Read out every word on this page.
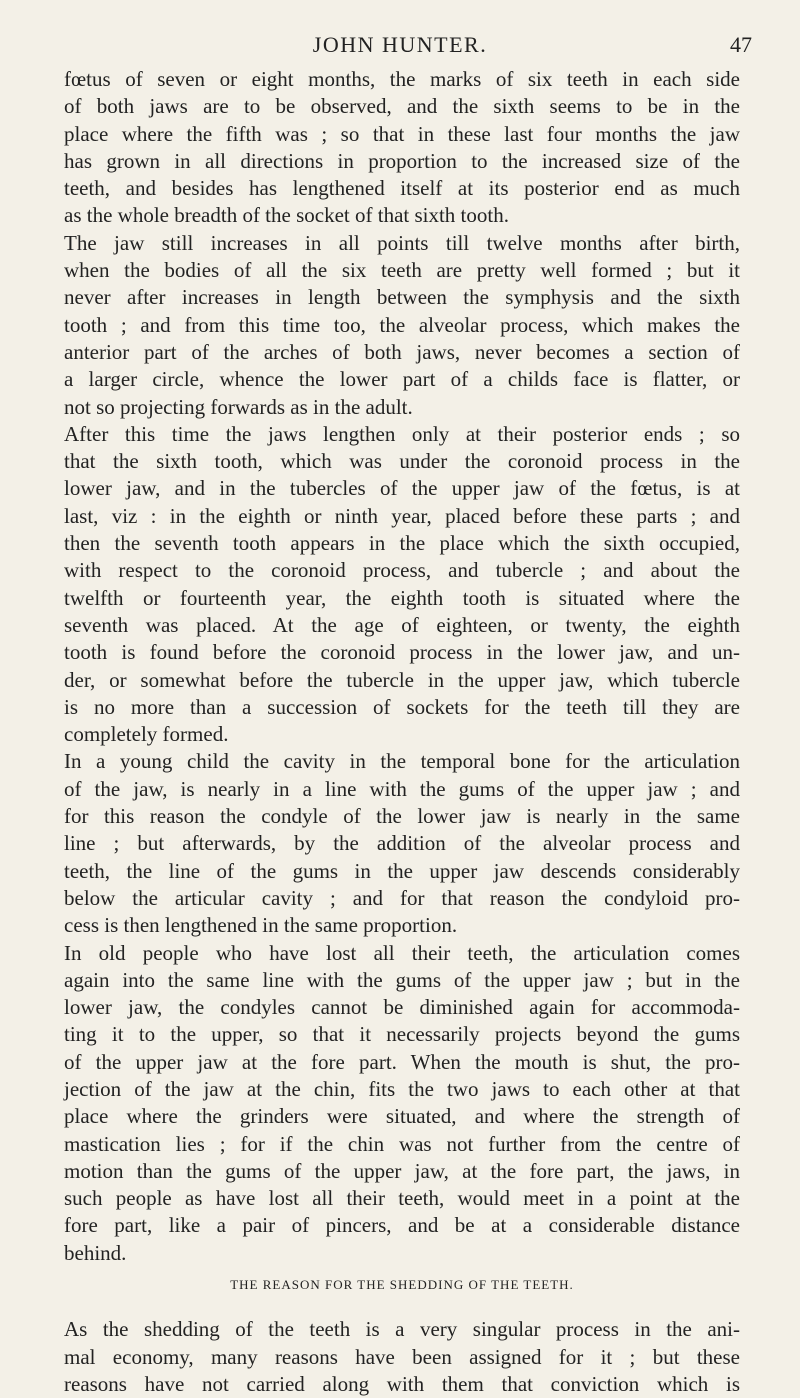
JOHN HUNTER.	47
fœtus of seven or eight months, the marks of six teeth in each side
of both jaws are to be observed, and the sixth seems to be in the
place where the fifth was ; so that in these last four months the jaw
has grown in all directions in proportion to the increased size of the
teeth, and besides has lengthened itself at its posterior end as much
as the whole breadth of the socket of that sixth tooth.
The jaw still increases in all points till twelve months after birth,
when the bodies of all the six teeth are pretty well formed ; but it
never after increases in length between the symphysis and the sixth
tooth ; and from this time too, the alveolar process, which makes the
anterior part of the arches of both jaws, never becomes a section of
a larger circle, whence the lower part of a childs face is flatter, or
not so projecting forwards as in the adult.
After this time the jaws lengthen only at their posterior ends ; so
that the sixth tooth, which was under the coronoid process in the
lower jaw, and in the tubercles of the upper jaw of the fœtus, is at
last, viz : in the eighth or ninth year, placed before these parts ; and
then the seventh tooth appears in the place which the sixth occupied,
with respect to the coronoid process, and tubercle ; and about the
twelfth or fourteenth year, the eighth tooth is situated where the
seventh was placed. At the age of eighteen, or twenty, the eighth
tooth is found before the coronoid process in the lower jaw, and un-
der, or somewhat before the tubercle in the upper jaw, which tubercle
is no more than a succession of sockets for the teeth till they are
completely formed.
In a young child the cavity in the temporal bone for the articulation
of the jaw, is nearly in a line with the gums of the upper jaw ; and
for this reason the condyle of the lower jaw is nearly in the same
line ; but afterwards, by the addition of the alveolar process and
teeth, the line of the gums in the upper jaw descends considerably
below the articular cavity ; and for that reason the condyloid pro-
cess is then lengthened in the same proportion.
In old people who have lost all their teeth, the articulation comes
again into the same line with the gums of the upper jaw ; but in the
lower jaw, the condyles cannot be diminished again for accommoda-
ting it to the upper, so that it necessarily projects beyond the gums
of the upper jaw at the fore part. When the mouth is shut, the pro-
jection of the jaw at the chin, fits the two jaws to each other at that
place where the grinders were situated, and where the strength of
mastication lies ; for if the chin was not further from the centre of
motion than the gums of the upper jaw, at the fore part, the jaws, in
such people as have lost all their teeth, would meet in a point at the
fore part, like a pair of pincers, and be at a considerable distance
behind.
THE REASON FOR THE SHEDDING OF THE TEETH.
As the shedding of the teeth is a very singular process in the ani-
mal economy, many reasons have been assigned for it ; but these
reasons have not carried along with them that conviction which is
